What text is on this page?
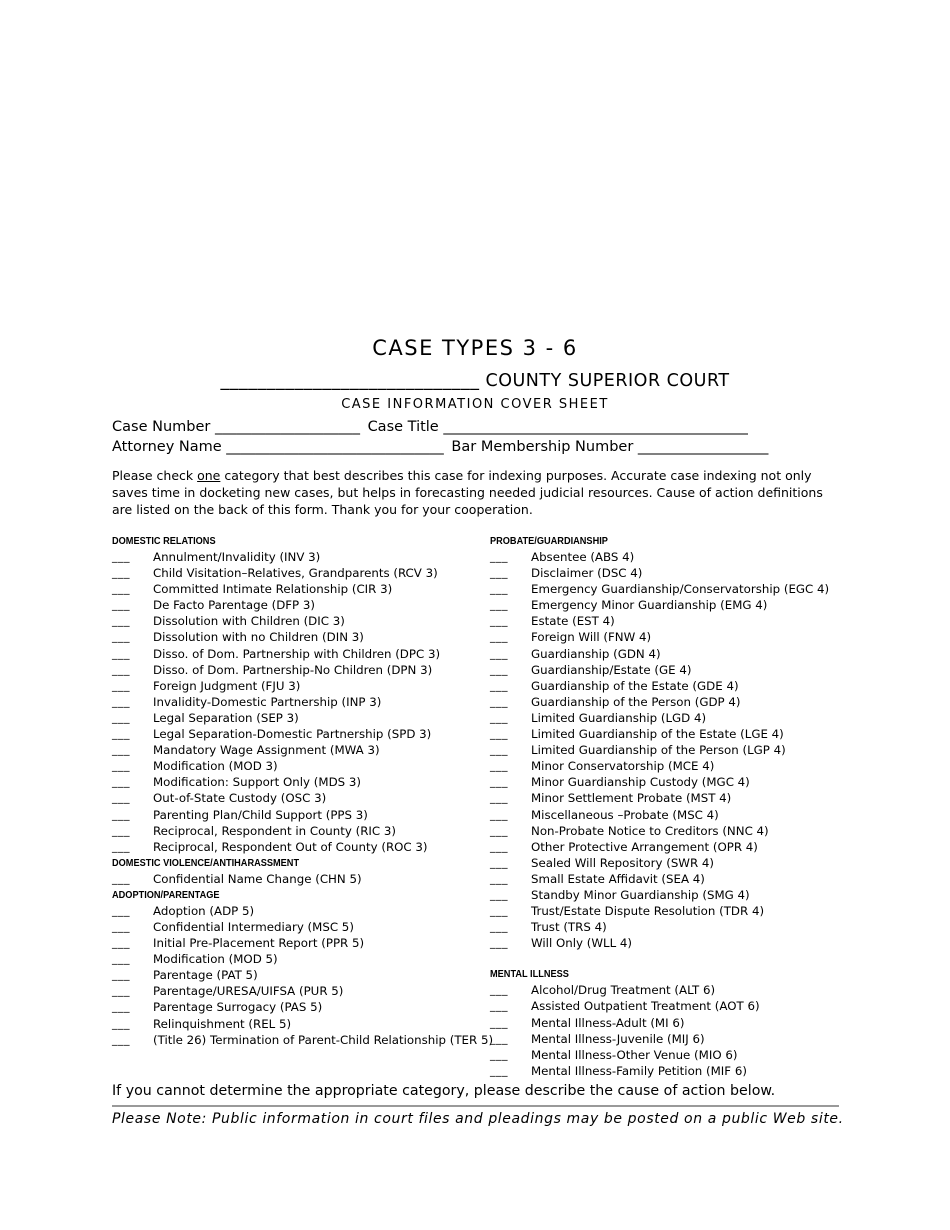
CASE TYPES 3 - 6
____________________________ COUNTY SUPERIOR COURT
CASE INFORMATION COVER SHEET
Case Number ____________________ Case Title __________________________________________
Attorney Name ______________________________ Bar Membership Number __________________
Please check one category that best describes this case for indexing purposes. Accurate case indexing not only saves time in docketing new cases, but helps in forecasting needed judicial resources. Cause of action definitions are listed on the back of this form. Thank you for your cooperation.
DOMESTIC RELATIONS
___ Annulment/Invalidity (INV 3)
___ Child Visitation–Relatives, Grandparents (RCV 3)
___ Committed Intimate Relationship (CIR 3)
___ De Facto Parentage (DFP 3)
___ Dissolution with Children (DIC 3)
___ Dissolution with no Children (DIN 3)
___ Disso. of Dom. Partnership with Children (DPC 3)
___ Disso. of Dom. Partnership-No Children (DPN 3)
___ Foreign Judgment (FJU 3)
___ Invalidity-Domestic Partnership (INP 3)
___ Legal Separation (SEP 3)
___ Legal Separation-Domestic Partnership (SPD 3)
___ Mandatory Wage Assignment (MWA 3)
___ Modification (MOD 3)
___ Modification: Support Only (MDS 3)
___ Out-of-State Custody (OSC 3)
___ Parenting Plan/Child Support (PPS 3)
___ Reciprocal, Respondent in County (RIC 3)
___ Reciprocal, Respondent Out of County (ROC 3)
DOMESTIC VIOLENCE/ANTIHARASSMENT
___ Confidential Name Change (CHN 5)
ADOPTION/PARENTAGE
___ Adoption (ADP 5)
___ Confidential Intermediary (MSC 5)
___ Initial Pre-Placement Report (PPR 5)
___ Modification (MOD 5)
___ Parentage (PAT 5)
___ Parentage/URESA/UIFSA (PUR 5)
___ Parentage Surrogacy (PAS 5)
___ Relinquishment (REL 5)
___ (Title 26) Termination of Parent-Child Relationship (TER 5)
PROBATE/GUARDIANSHIP
___ Absentee (ABS 4)
___ Disclaimer (DSC 4)
___ Emergency Guardianship/Conservatorship (EGC 4)
___ Emergency Minor Guardianship (EMG 4)
___ Estate (EST 4)
___ Foreign Will (FNW 4)
___ Guardianship (GDN 4)
___ Guardianship/Estate (GE 4)
___ Guardianship of the Estate (GDE 4)
___ Guardianship of the Person (GDP 4)
___ Limited Guardianship (LGD 4)
___ Limited Guardianship of the Estate (LGE 4)
___ Limited Guardianship of the Person (LGP 4)
___ Minor Conservatorship (MCE 4)
___ Minor Guardianship Custody (MGC 4)
___ Minor Settlement Probate (MST 4)
___ Miscellaneous –Probate (MSC 4)
___ Non-Probate Notice to Creditors (NNC 4)
___ Other Protective Arrangement (OPR 4)
___ Sealed Will Repository (SWR 4)
___ Small Estate Affidavit (SEA 4)
___ Standby Minor Guardianship (SMG 4)
___ Trust/Estate Dispute Resolution (TDR 4)
___ Trust (TRS 4)
___ Will Only (WLL 4)
MENTAL ILLNESS
___ Alcohol/Drug Treatment (ALT 6)
___ Assisted Outpatient Treatment (AOT 6)
___ Mental Illness-Adult (MI 6)
___ Mental Illness-Juvenile (MIJ 6)
___ Mental Illness-Other Venue (MIO 6)
___ Mental Illness-Family Petition (MIF 6)
If you cannot determine the appropriate category, please describe the cause of action below.
Please Note: Public information in court files and pleadings may be posted on a public Web site.
